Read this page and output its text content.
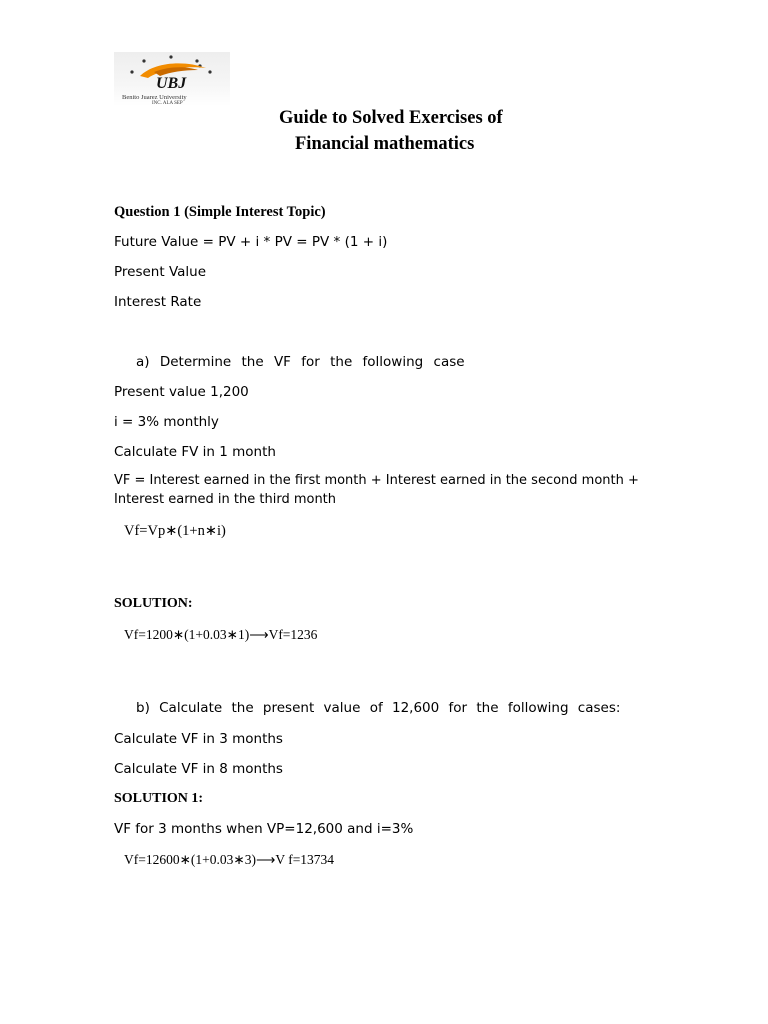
UBJ
Benito Juarez University
INC. ALA SEP
Guide to Solved Exercises of
Financial mathematics
Question 1 (Simple Interest Topic)
Future Value = PV + i * PV = PV * (1 + i)
Present Value
Interest Rate
a) Determine the VF for the following case
Present value 1,200
i = 3% monthly
Calculate FV in 1 month
VF = Interest earned in the first month + Interest earned in the second month +
Interest earned in the third month
Vf=Vp∗(1+n∗i)
SOLUTION:
Vf=1200∗(1+0.03∗1)⟶Vf=1236
b) Calculate the present value of 12,600 for the following cases:
Calculate VF in 3 months
Calculate VF in 8 months
SOLUTION 1:
VF for 3 months when VP=12,600 and i=3%
Vf=12600∗(1+0.03∗3)⟶V f=13734
